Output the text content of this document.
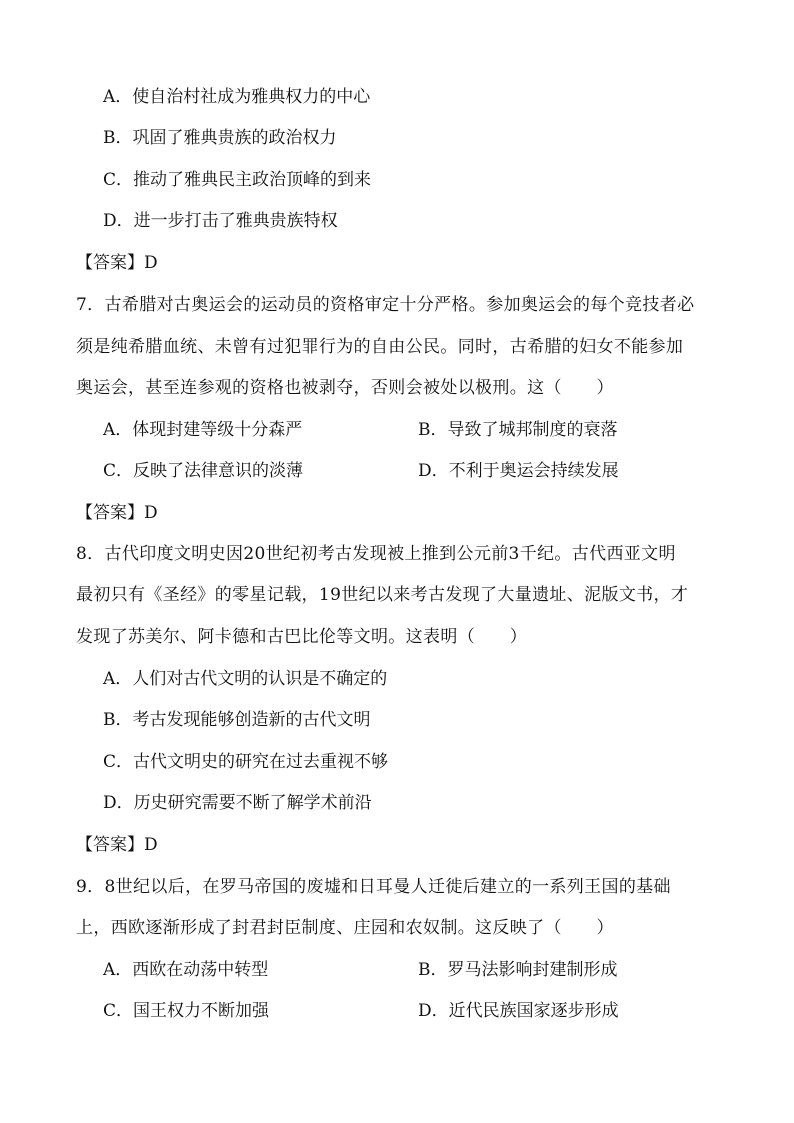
A．使自治村社成为雅典权力的中心
B．巩固了雅典贵族的政治权力
C．推动了雅典民主政治顶峰的到来
D．进一步打击了雅典贵族特权
【答案】D
7．古希腊对古奥运会的运动员的资格审定十分严格。参加奥运会的每个竞技者必
须是纯希腊血统、未曾有过犯罪行为的自由公民。同时，古希腊的妇女不能参加
奥运会，甚至连参观的资格也被剥夺，否则会被处以极刑。这（　　）
A．体现封建等级十分森严	B．导致了城邦制度的衰落
C．反映了法律意识的淡薄	D．不利于奥运会持续发展
【答案】D
8．古代印度文明史因20世纪初考古发现被上推到公元前3千纪。古代西亚文明
最初只有《圣经》的零星记载，19世纪以来考古发现了大量遗址、泥版文书，才
发现了苏美尔、阿卡德和古巴比伦等文明。这表明（　　）
A．人们对古代文明的认识是不确定的
B．考古发现能够创造新的古代文明
C．古代文明史的研究在过去重视不够
D．历史研究需要不断了解学术前沿
【答案】D
9．8世纪以后，在罗马帝国的废墟和日耳曼人迁徙后建立的一系列王国的基础
上，西欧逐渐形成了封君封臣制度、庄园和农奴制。这反映了（　　）
A．西欧在动荡中转型	B．罗马法影响封建制形成
C．国王权力不断加强	D．近代民族国家逐步形成
